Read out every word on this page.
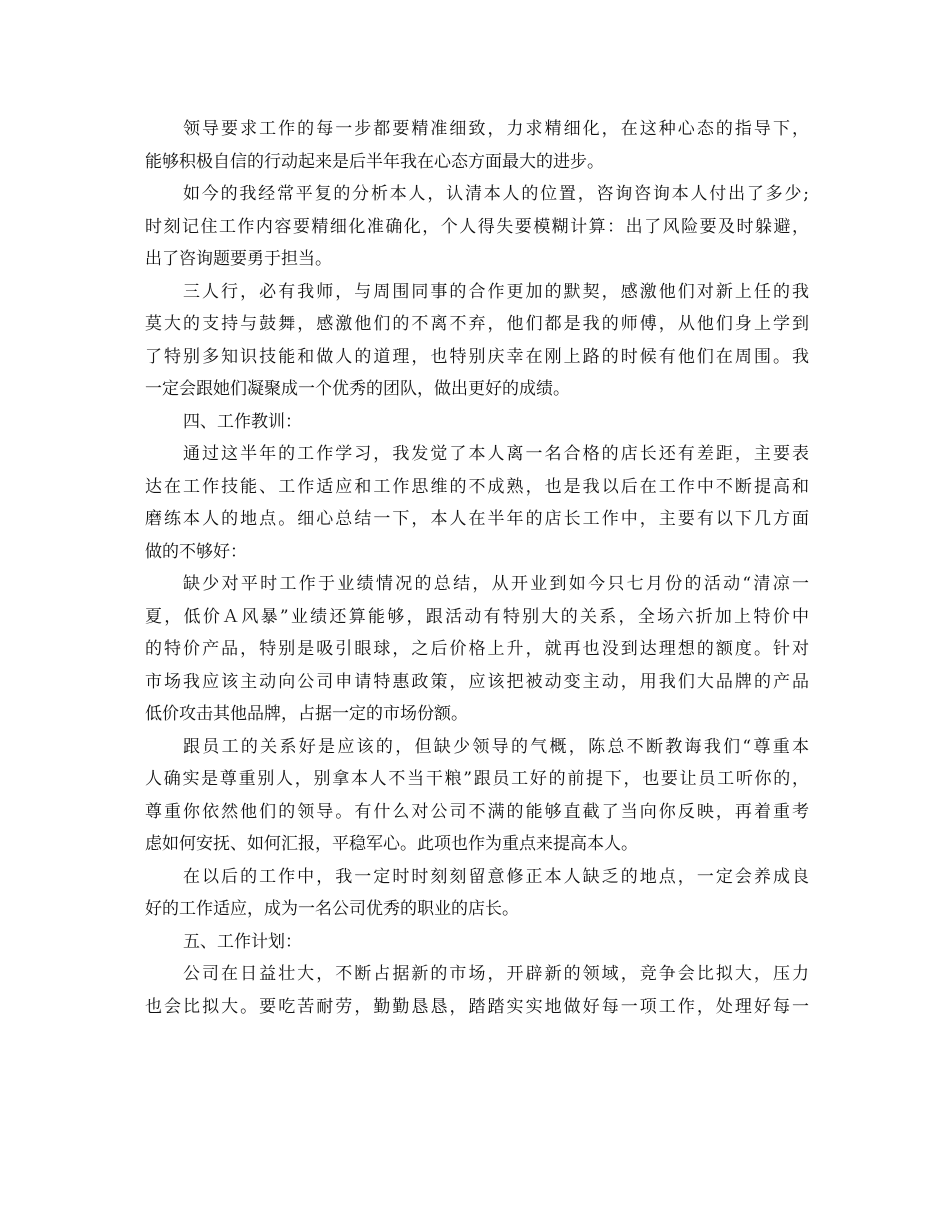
领导要求工作的每一步都要精准细致，力求精细化，在这种心态的指导下，
能够积极自信的行动起来是后半年我在心态方面最大的进步。
如今的我经常平复的分析本人，认清本人的位置，咨询咨询本人付出了多少;
时刻记住工作内容要精细化准确化，个人得失要模糊计算：出了风险要及时躲避，
出了咨询题要勇于担当。
三人行，必有我师，与周围同事的合作更加的默契，感激他们对新上任的我
莫大的支持与鼓舞，感激他们的不离不弃，他们都是我的师傅，从他们身上学到
了特别多知识技能和做人的道理，也特别庆幸在刚上路的时候有他们在周围。我
一定会跟她们凝聚成一个优秀的团队，做出更好的成绩。
四、工作教训：
通过这半年的工作学习，我发觉了本人离一名合格的店长还有差距，主要表
达在工作技能、工作适应和工作思维的不成熟，也是我以后在工作中不断提高和
磨练本人的地点。细心总结一下，本人在半年的店长工作中，主要有以下几方面
做的不够好：
缺少对平时工作于业绩情况的总结，从开业到如今只七月份的活动“清凉一
夏，低价Ａ风暴”业绩还算能够，跟活动有特别大的关系，全场六折加上特价中
的特价产品，特别是吸引眼球，之后价格上升，就再也没到达理想的额度。针对
市场我应该主动向公司申请特惠政策，应该把被动变主动，用我们大品牌的产品
低价攻击其他品牌，占据一定的市场份额。
跟员工的关系好是应该的，但缺少领导的气概，陈总不断教诲我们“尊重本
人确实是尊重别人，别拿本人不当干粮”跟员工好的前提下，也要让员工听你的，
尊重你依然他们的领导。有什么对公司不满的能够直截了当向你反映，再着重考
虑如何安抚、如何汇报，平稳军心。此项也作为重点来提高本人。
在以后的工作中，我一定时时刻刻留意修正本人缺乏的地点，一定会养成良
好的工作适应，成为一名公司优秀的职业的店长。
五、工作计划：
公司在日益壮大，不断占据新的市场，开辟新的领域，竞争会比拟大，压力
也会比拟大。要吃苦耐劳，勤勤恳恳，踏踏实实地做好每一项工作，处理好每一
